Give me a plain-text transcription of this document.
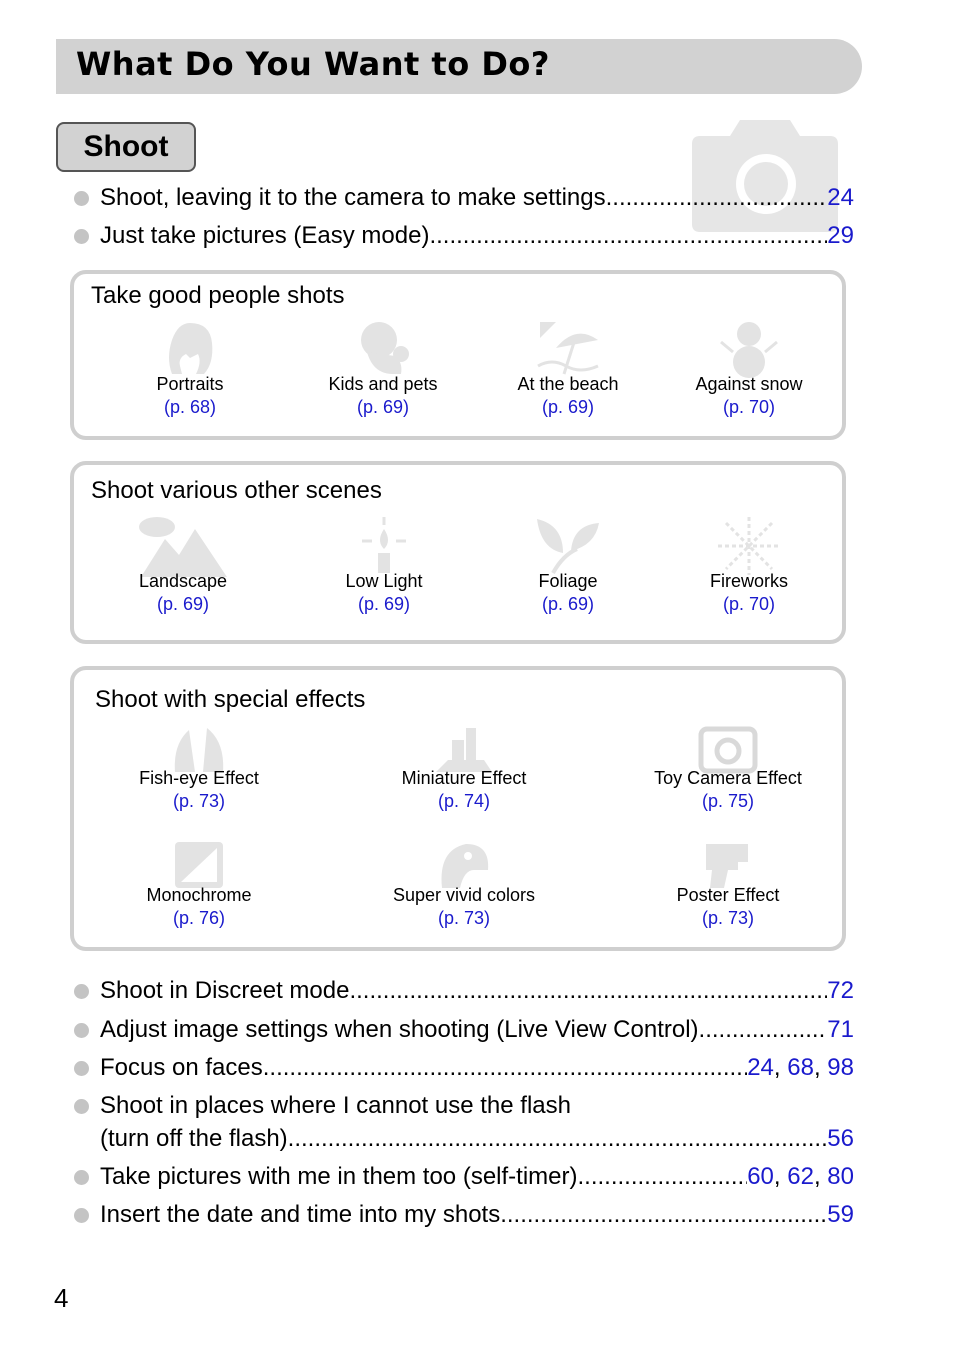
What Do You Want to Do?
Shoot
Shoot, leaving it to the camera to make settings .....	24
Just take pictures (Easy mode) .....	29
Take good people shots
Portraits
(p. 68)
Kids and pets
(p. 69)
At the beach
(p. 69)
Against snow
(p. 70)
Shoot various other scenes
Landscape
(p. 69)
Low Light
(p. 69)
Foliage
(p. 69)
Fireworks
(p. 70)
Shoot with special effects
Fish-eye Effect
(p. 73)
Miniature Effect
(p. 74)
Toy Camera Effect
(p. 75)
Monochrome
(p. 76)
Super vivid colors
(p. 73)
Poster Effect
(p. 73)
Shoot in Discreet mode .....	72
Adjust image settings when shooting (Live View Control) .....	71
Focus on faces .....	24, 68, 98
Shoot in places where I cannot use the flash
(turn off the flash) .....	56
Take pictures with me in them too (self-timer) .....	60, 62, 80
Insert the date and time into my shots .....	59
4
